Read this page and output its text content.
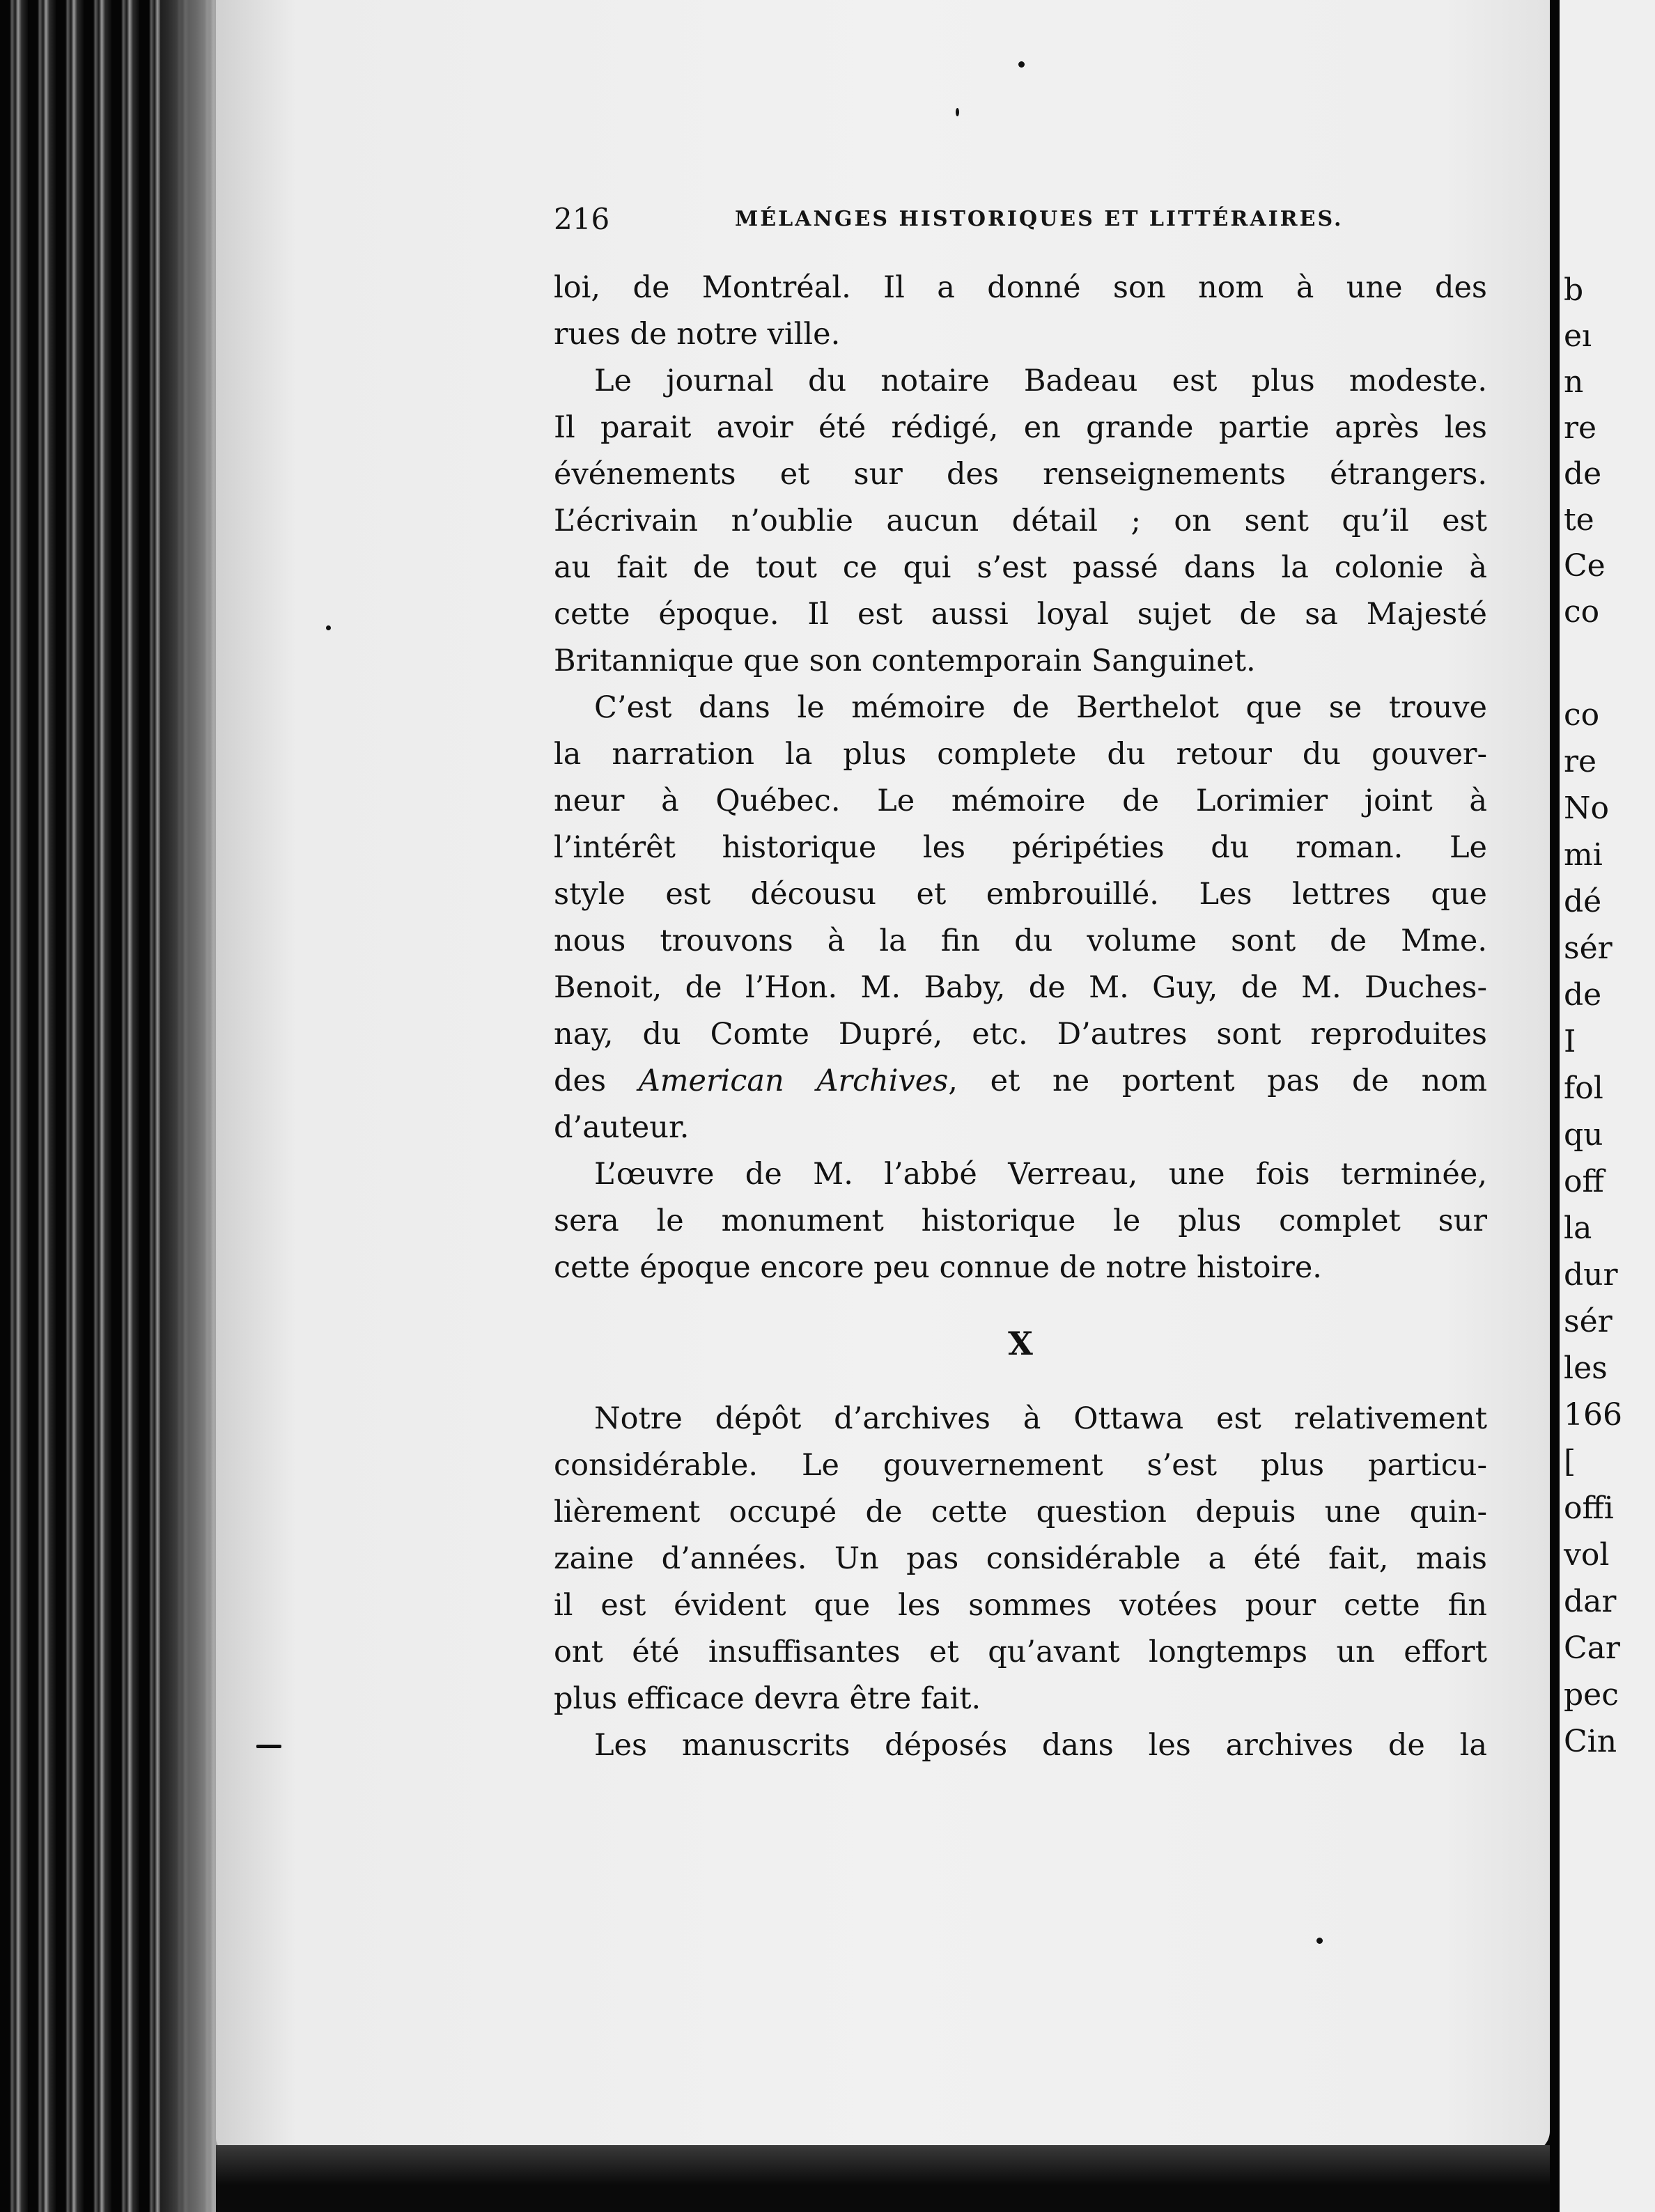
216	MÉLANGES HISTORIQUES ET LITTÉRAIRES.
loi, de Montréal. Il a donné son nom à une des
rues de notre ville.
Le journal du notaire Badeau est plus modeste.
Il parait avoir été rédigé, en grande partie après les
événements et sur des renseignements étrangers.
L’écrivain n’oublie aucun détail ; on sent qu’il est
au fait de tout ce qui s’est passé dans la colonie à
cette époque. Il est aussi loyal sujet de sa Majesté
Britannique que son contemporain Sanguinet.
C’est dans le mémoire de Berthelot que se trouve
la narration la plus complete du retour du gouver-
neur à Québec. Le mémoire de Lorimier joint à
l’intérêt historique les péripéties du roman. Le
style est décousu et embrouillé. Les lettres que
nous trouvons à la fin du volume sont de Mme.
Benoit, de l’Hon. M. Baby, de M. Guy, de M. Duches-
nay, du Comte Dupré, etc. D’autres sont reproduites
des American Archives, et ne portent pas de nom
d’auteur.
L’œuvre de M. l’abbé Verreau, une fois terminée,
sera le monument historique le plus complet sur
cette époque encore peu connue de notre histoire.
X
Notre dépôt d’archives à Ottawa est relativement
considérable. Le gouvernement s’est plus particu-
lièrement occupé de cette question depuis une quin-
zaine d’années. Un pas considérable a été fait, mais
il est évident que les sommes votées pour cette fin
ont été insuffisantes et qu’avant longtemps un effort
plus efficace devra être fait.
Les manuscrits déposés dans les archives de la
b
eı
n
re
de
te
Ce
co
co
re
No
mi
dé
sér
de
I
fol
qu
off
la
dur
sér
les
166
[
offi
vol
dar
Car
pec
Cin
